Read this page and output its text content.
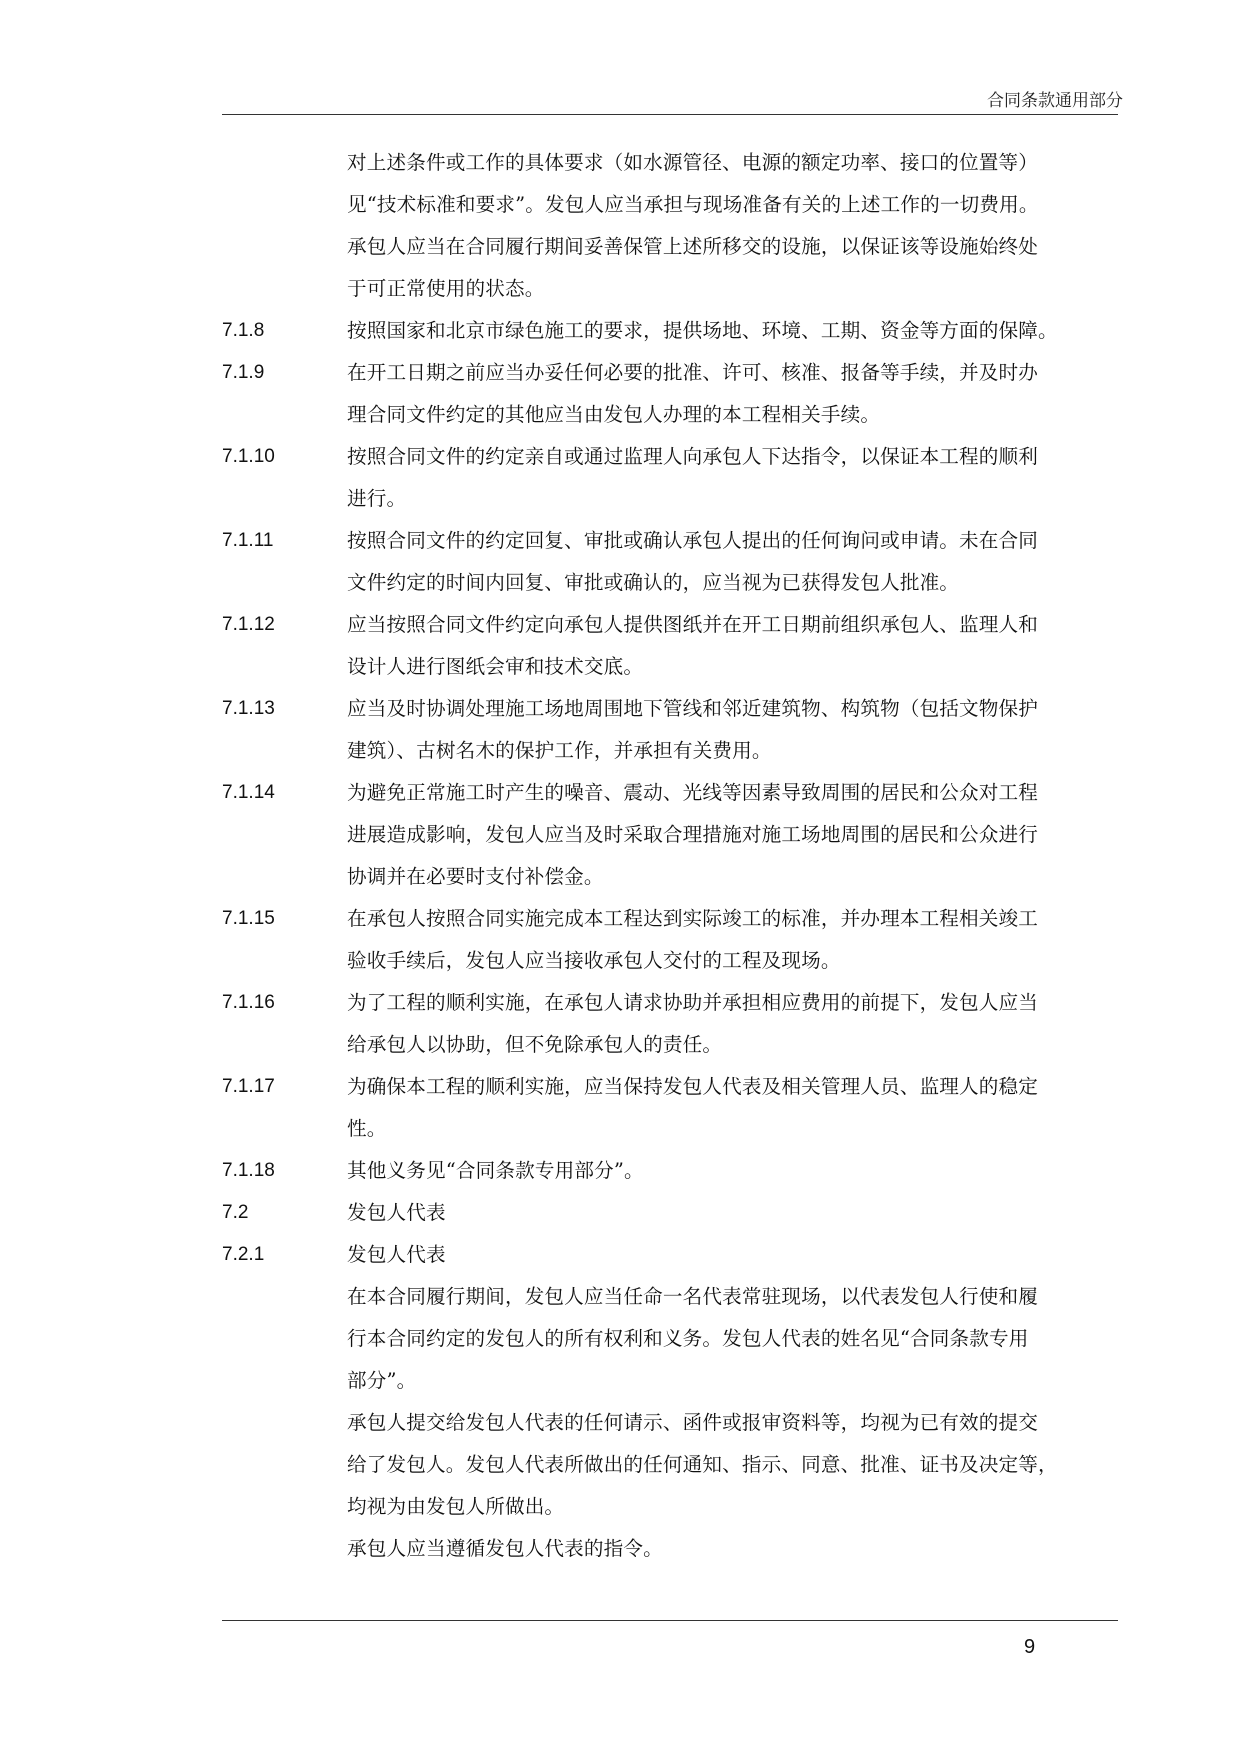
合同条款通用部分
对上述条件或工作的具体要求（如水源管径、电源的额定功率、接口的位置等）
见“技术标准和要求”。发包人应当承担与现场准备有关的上述工作的一切费用。
承包人应当在合同履行期间妥善保管上述所移交的设施，以保证该等设施始终处
于可正常使用的状态。
7.1.8	按照国家和北京市绿色施工的要求，提供场地、环境、工期、资金等方面的保障。
7.1.9	在开工日期之前应当办妥任何必要的批准、许可、核准、报备等手续，并及时办
理合同文件约定的其他应当由发包人办理的本工程相关手续。
7.1.10	按照合同文件的约定亲自或通过监理人向承包人下达指令，以保证本工程的顺利
进行。
7.1.11	按照合同文件的约定回复、审批或确认承包人提出的任何询问或申请。未在合同
文件约定的时间内回复、审批或确认的，应当视为已获得发包人批准。
7.1.12	应当按照合同文件约定向承包人提供图纸并在开工日期前组织承包人、监理人和
设计人进行图纸会审和技术交底。
7.1.13	应当及时协调处理施工场地周围地下管线和邻近建筑物、构筑物（包括文物保护
建筑）、古树名木的保护工作，并承担有关费用。
7.1.14	为避免正常施工时产生的噪音、震动、光线等因素导致周围的居民和公众对工程
进展造成影响，发包人应当及时采取合理措施对施工场地周围的居民和公众进行
协调并在必要时支付补偿金。
7.1.15	在承包人按照合同实施完成本工程达到实际竣工的标准，并办理本工程相关竣工
验收手续后，发包人应当接收承包人交付的工程及现场。
7.1.16	为了工程的顺利实施，在承包人请求协助并承担相应费用的前提下，发包人应当
给承包人以协助，但不免除承包人的责任。
7.1.17	为确保本工程的顺利实施，应当保持发包人代表及相关管理人员、监理人的稳定
性。
7.1.18	其他义务见“合同条款专用部分”。
7.2	发包人代表
7.2.1	发包人代表
在本合同履行期间，发包人应当任命一名代表常驻现场，以代表发包人行使和履
行本合同约定的发包人的所有权利和义务。发包人代表的姓名见“合同条款专用
部分”。
承包人提交给发包人代表的任何请示、函件或报审资料等，均视为已有效的提交
给了发包人。发包人代表所做出的任何通知、指示、同意、批准、证书及决定等，
均视为由发包人所做出。
承包人应当遵循发包人代表的指令。
9
